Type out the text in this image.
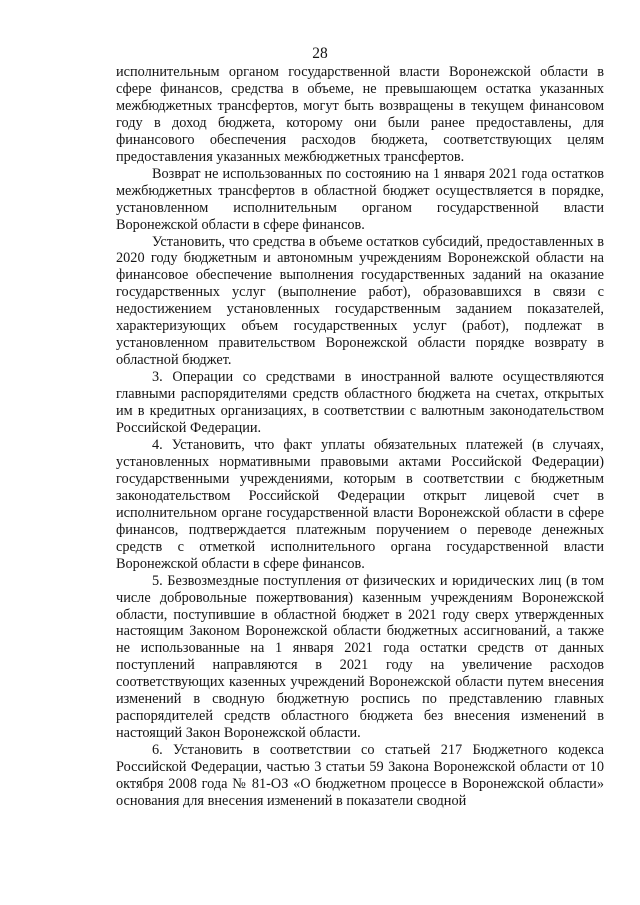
28

исполнительным органом государственной власти Воронежской области в сфере финансов, средства в объеме, не превышающем остатка указанных межбюджетных трансфертов, могут быть возвращены в текущем финансовом году в доход бюджета, которому они были ранее предоставлены, для финансового обеспечения расходов бюджета, соответствующих целям предоставления указанных межбюджетных трансфертов.

Возврат не использованных по состоянию на 1 января 2021 года остатков межбюджетных трансфертов в областной бюджет осуществляется в порядке, установленном исполнительным органом государственной власти Воронежской области в сфере финансов.

Установить, что средства в объеме остатков субсидий, предоставленных в 2020 году бюджетным и автономным учреждениям Воронежской области на финансовое обеспечение выполнения государственных заданий на оказание государственных услуг (выполнение работ), образовавшихся в связи с недостижением установленных государственным заданием показателей, характеризующих объем государственных услуг (работ), подлежат в установленном правительством Воронежской области порядке возврату в областной бюджет.

3. Операции со средствами в иностранной валюте осуществляются главными распорядителями средств областного бюджета на счетах, открытых им в кредитных организациях, в соответствии с валютным законодательством Российской Федерации.

4. Установить, что факт уплаты обязательных платежей (в случаях, установленных нормативными правовыми актами Российской Федерации) государственными учреждениями, которым в соответствии с бюджетным законодательством Российской Федерации открыт лицевой счет в исполнительном органе государственной власти Воронежской области в сфере финансов, подтверждается платежным поручением о переводе денежных средств с отметкой исполнительного органа государственной власти Воронежской области в сфере финансов.

5. Безвозмездные поступления от физических и юридических лиц (в том числе добровольные пожертвования) казенным учреждениям Воронежской области, поступившие в областной бюджет в 2021 году сверх утвержденных настоящим Законом Воронежской области бюджетных ассигнований, а также не использованные на 1 января 2021 года остатки средств от данных поступлений направляются в 2021 году на увеличение расходов соответствующих казенных учреждений Воронежской области путем внесения изменений в сводную бюджетную роспись по представлению главных распорядителей средств областного бюджета без внесения изменений в настоящий Закон Воронежской области.

6. Установить в соответствии со статьей 217 Бюджетного кодекса Российской Федерации, частью 3 статьи 59 Закона Воронежской области от 10 октября 2008 года № 81-ОЗ «О бюджетном процессе в Воронежской области» основания для внесения изменений в показатели сводной
